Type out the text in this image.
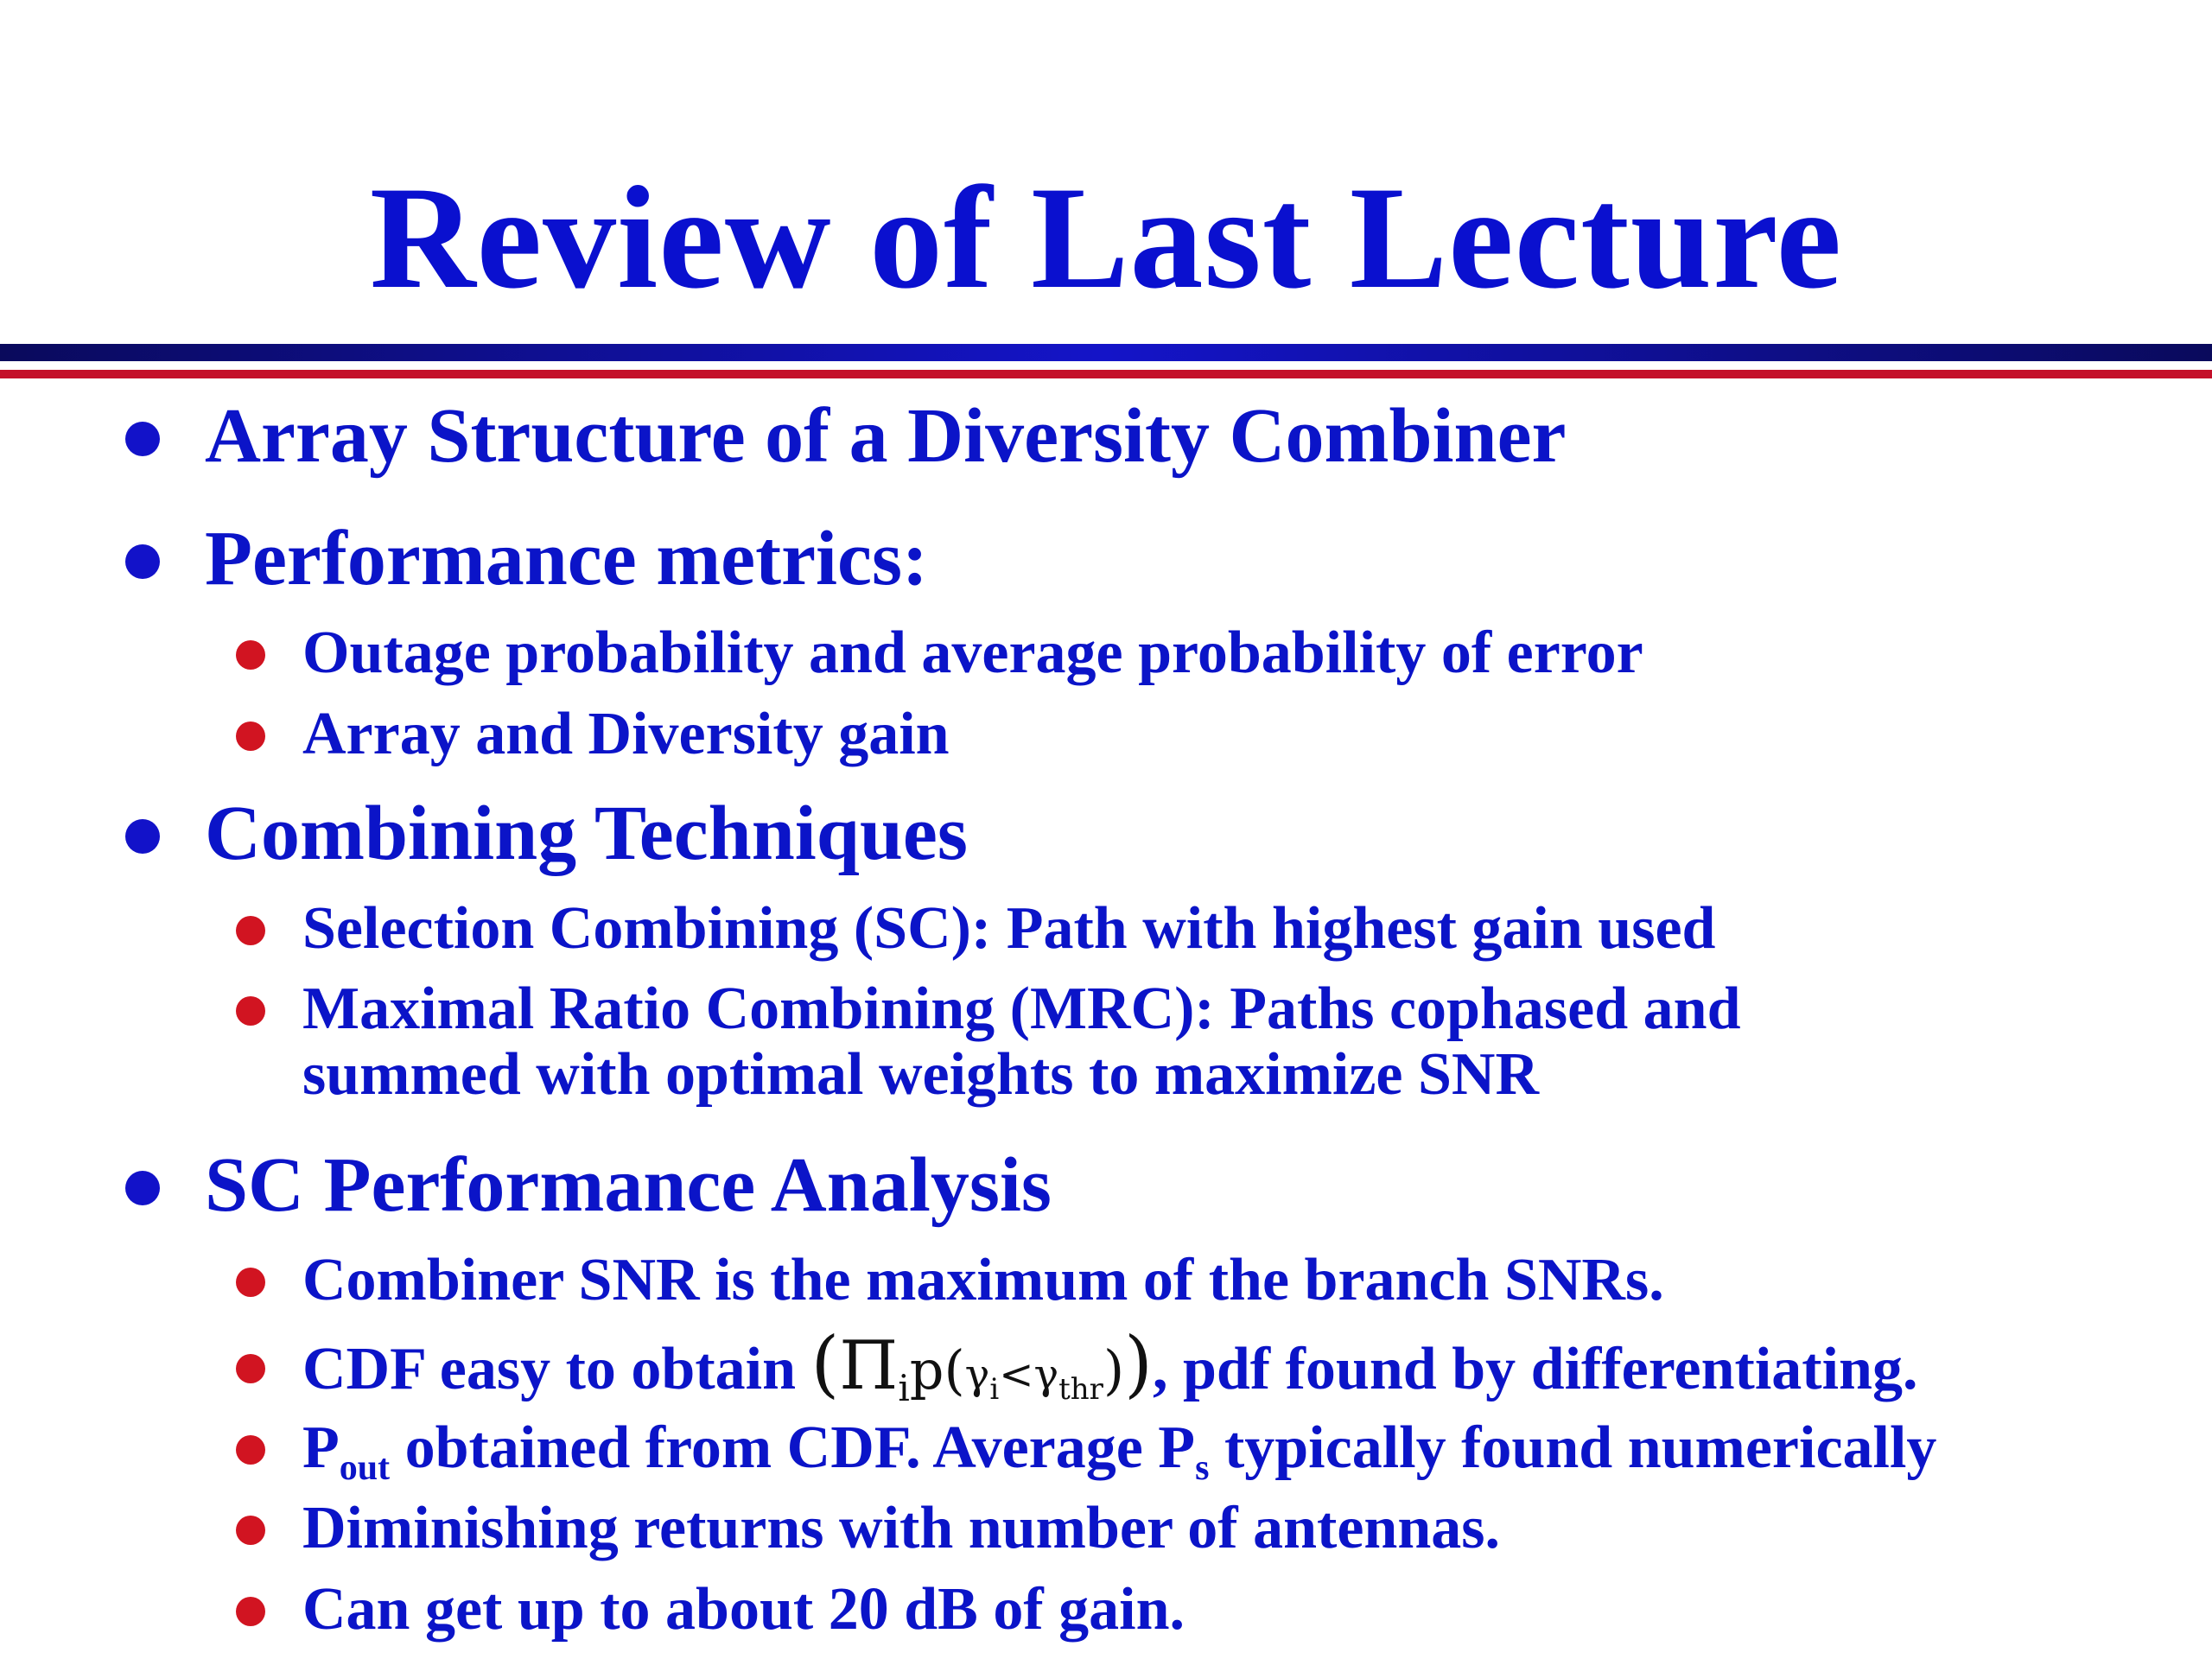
Review of Last Lecture
Array Structure of a Diversity Combiner
Performance metrics:
Outage probability and average probability of error
Array and Diversity gain
Combining Techniques
Selection Combining (SC): Path with highest gain used
Maximal Ratio Combining (MRC): Paths cophased and
summed with optimal weights to maximize SNR
SC Performance Analysis
Combiner SNR is the maximum of the branch SNRs.
CDF easy to obtain $(\Pi_ip(\gamma i<\gamma thr))$, pdf found by differentiating.
$P_{out}$ obtained from CDF. Average $P_s$ typically found numerically
Diminishing returns with number of antennas.
Can get up to about 20 dB of gain.
